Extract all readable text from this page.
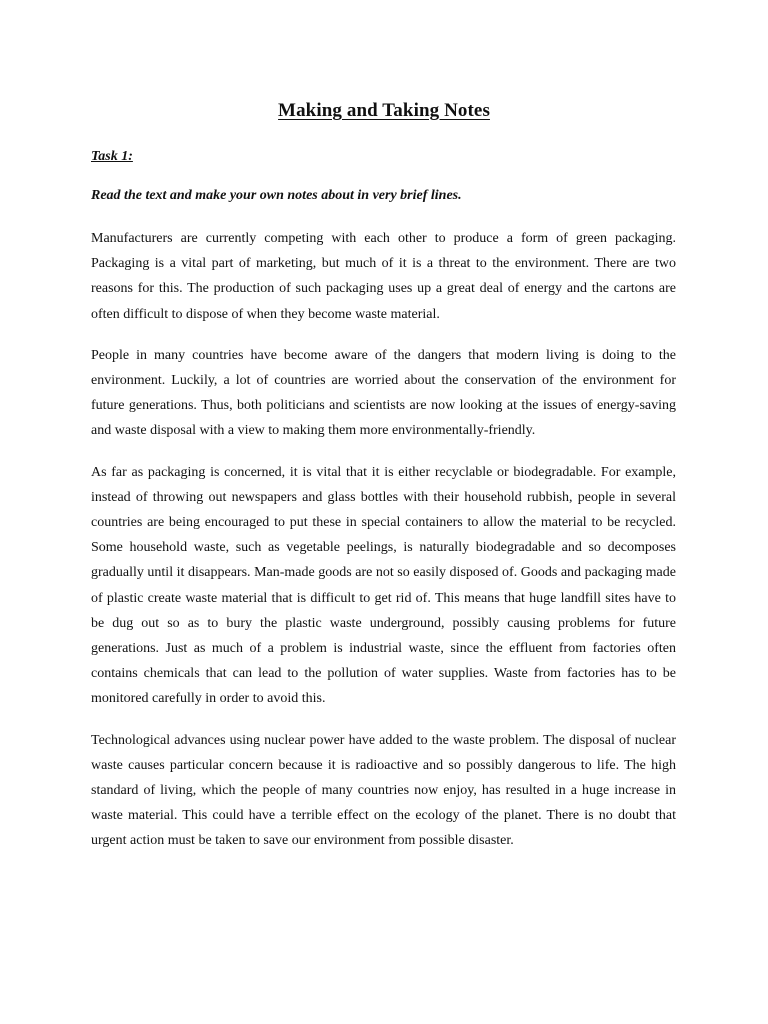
Making and Taking Notes
Task 1:
Read the text and make your own notes about in very brief lines.

Manufacturers are currently competing with each other to produce a form of green packaging. Packaging is a vital part of marketing, but much of it is a threat to the environment. There are two reasons for this. The production of such packaging uses up a great deal of energy and the cartons are often difficult to dispose of when they become waste material.

People in many countries have become aware of the dangers that modern living is doing to the environment. Luckily, a lot of countries are worried about the conservation of the environment for future generations. Thus, both politicians and scientists are now looking at the issues of energy-saving and waste disposal with a view to making them more environmentally-friendly.

As far as packaging is concerned, it is vital that it is either recyclable or biodegradable. For example, instead of throwing out newspapers and glass bottles with their household rubbish, people in several countries are being encouraged to put these in special containers to allow the material to be recycled. Some household waste, such as vegetable peelings, is naturally biodegradable and so decomposes gradually until it disappears. Man-made goods are not so easily disposed of. Goods and packaging made of plastic create waste material that is difficult to get rid of. This means that huge landfill sites have to be dug out so as to bury the plastic waste underground, possibly causing problems for future generations. Just as much of a problem is industrial waste, since the effluent from factories often contains chemicals that can lead to the pollution of water supplies. Waste from factories has to be monitored carefully in order to avoid this.

Technological advances using nuclear power have added to the waste problem. The disposal of nuclear waste causes particular concern because it is radioactive and so possibly dangerous to life. The high standard of living, which the people of many countries now enjoy, has resulted in a huge increase in waste material. This could have a terrible effect on the ecology of the planet. There is no doubt that urgent action must be taken to save our environment from possible disaster.
